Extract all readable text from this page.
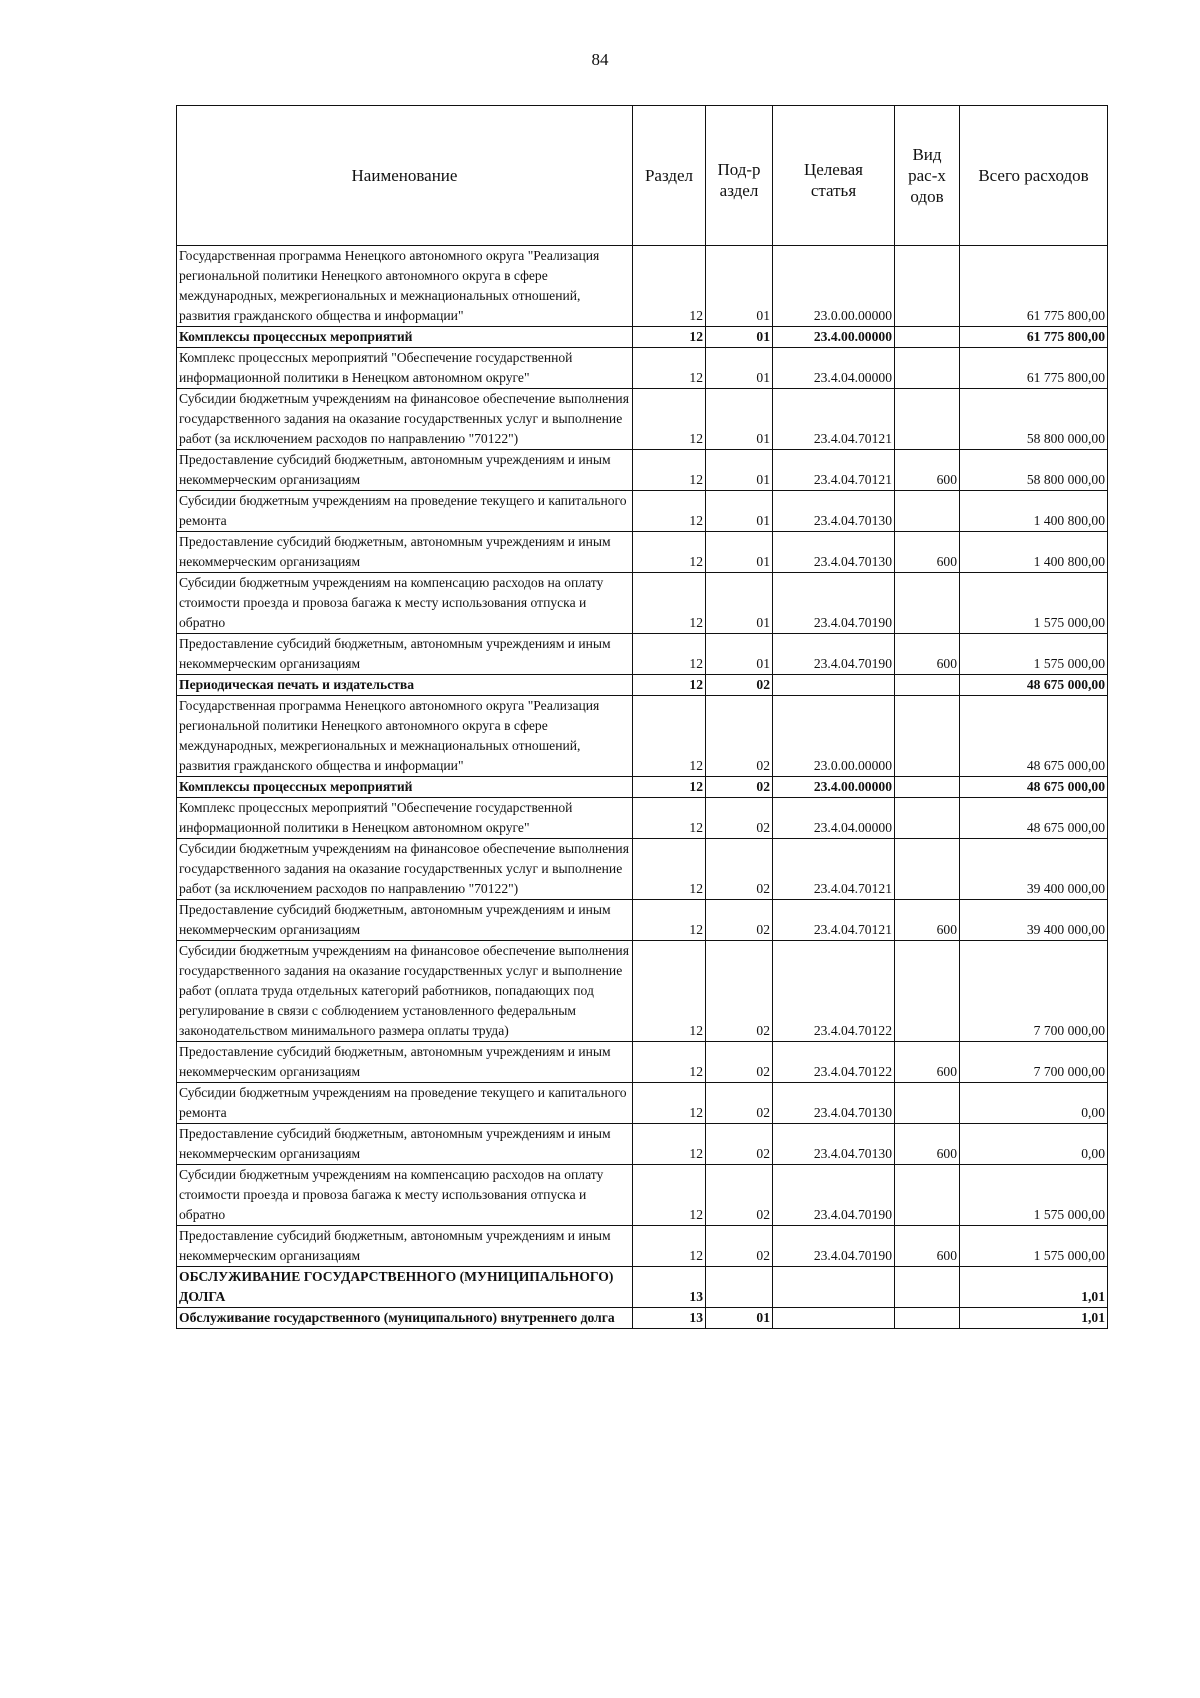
84
Наименование	Раздел	Под-раздел	Целевая статья	Вид рас-ходов	Всего расходов
Государственная программа Ненецкого автономного округа "Реализация региональной политики Ненецкого автономного округа в сфере международных, межрегиональных и межнациональных отношений, развития гражданского общества и информации"	12	01	23.0.00.00000		61 775 800,00
Комплексы процессных мероприятий	12	01	23.4.00.00000		61 775 800,00
Комплекс процессных мероприятий "Обеспечение государственной информационной политики в Ненецком автономном округе"	12	01	23.4.04.00000		61 775 800,00
Субсидии бюджетным учреждениям на финансовое обеспечение выполнения государственного задания на оказание государственных услуг и выполнение работ (за исключением расходов по направлению "70122")	12	01	23.4.04.70121		58 800 000,00
Предоставление субсидий бюджетным, автономным учреждениям и иным некоммерческим организациям	12	01	23.4.04.70121	600	58 800 000,00
Субсидии бюджетным учреждениям на проведение текущего и капитального ремонта	12	01	23.4.04.70130		1 400 800,00
Предоставление субсидий бюджетным, автономным учреждениям и иным некоммерческим организациям	12	01	23.4.04.70130	600	1 400 800,00
Субсидии бюджетным учреждениям на компенсацию расходов на оплату стоимости проезда и провоза багажа к месту использования отпуска и обратно	12	01	23.4.04.70190		1 575 000,00
Предоставление субсидий бюджетным, автономным учреждениям и иным некоммерческим организациям	12	01	23.4.04.70190	600	1 575 000,00
Периодическая печать и издательства	12	02			48 675 000,00
Государственная программа Ненецкого автономного округа "Реализация региональной политики Ненецкого автономного округа в сфере международных, межрегиональных и межнациональных отношений, развития гражданского общества и информации"	12	02	23.0.00.00000		48 675 000,00
Комплексы процессных мероприятий	12	02	23.4.00.00000		48 675 000,00
Комплекс процессных мероприятий "Обеспечение государственной информационной политики в Ненецком автономном округе"	12	02	23.4.04.00000		48 675 000,00
Субсидии бюджетным учреждениям на финансовое обеспечение выполнения государственного задания на оказание государственных услуг и выполнение работ (за исключением расходов по направлению "70122")	12	02	23.4.04.70121		39 400 000,00
Предоставление субсидий бюджетным, автономным учреждениям и иным некоммерческим организациям	12	02	23.4.04.70121	600	39 400 000,00
Субсидии бюджетным учреждениям на финансовое обеспечение выполнения государственного задания на оказание государственных услуг и выполнение работ (оплата труда отдельных категорий работников, попадающих под регулирование в связи с соблюдением установленного федеральным законодательством минимального размера оплаты труда)	12	02	23.4.04.70122		7 700 000,00
Предоставление субсидий бюджетным, автономным учреждениям и иным некоммерческим организациям	12	02	23.4.04.70122	600	7 700 000,00
Субсидии бюджетным учреждениям на проведение текущего и капитального ремонта	12	02	23.4.04.70130		0,00
Предоставление субсидий бюджетным, автономным учреждениям и иным некоммерческим организациям	12	02	23.4.04.70130	600	0,00
Субсидии бюджетным учреждениям на компенсацию расходов на оплату стоимости проезда и провоза багажа к месту использования отпуска и обратно	12	02	23.4.04.70190		1 575 000,00
Предоставление субсидий бюджетным, автономным учреждениям и иным некоммерческим организациям	12	02	23.4.04.70190	600	1 575 000,00
ОБСЛУЖИВАНИЕ ГОСУДАРСТВЕННОГО (МУНИЦИПАЛЬНОГО) ДОЛГА	13				1,01
Обслуживание государственного (муниципального) внутреннего долга	13	01			1,01
